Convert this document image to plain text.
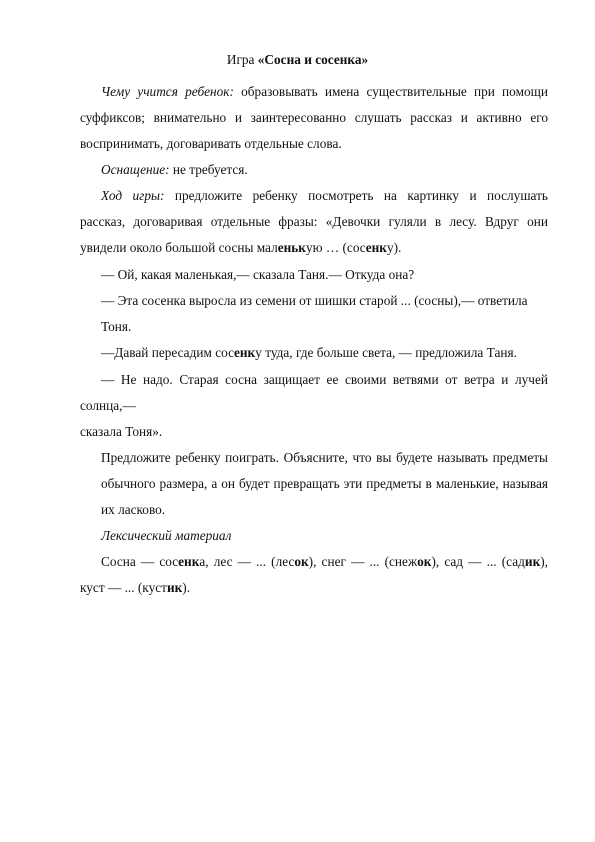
Игра «Сосна и сосенка»
Чему учится ребенок: образовывать имена существительные при помощи
суффиксов; внимательно и заинтересованно слушать рассказ и активно его
воспринимать, договаривать отдельные слова.
Оснащение: не требуется.
Ход игры: предложите ребенку посмотреть на картинку и послушать
рассказ, договаривая отдельные фразы: «Девочки гуляли в лесу. Вдруг они
увидели около большой сосны маленькую … (сосенку).
— Ой, какая маленькая,— сказала Таня.— Откуда она?
— Эта сосенка выросла из семени от шишки старой ... (сосны),— ответила
Тоня.
—Давай пересадим сосенку туда, где больше света, — предложила Таня.
— Не надо. Старая сосна защищает ее своими ветвями от ветра и лучей
солнца,—
сказала Тоня».
Предложите ребенку поиграть. Объясните, что вы будете называть предметы
обычного размера, а он будет превращать эти предметы в маленькие, называя
их ласково.
Лексический материал
Сосна — сосенка, лес — ... (лесок), снег — ... (снежок), сад — ... (садик),
куст — ... (кустик).
